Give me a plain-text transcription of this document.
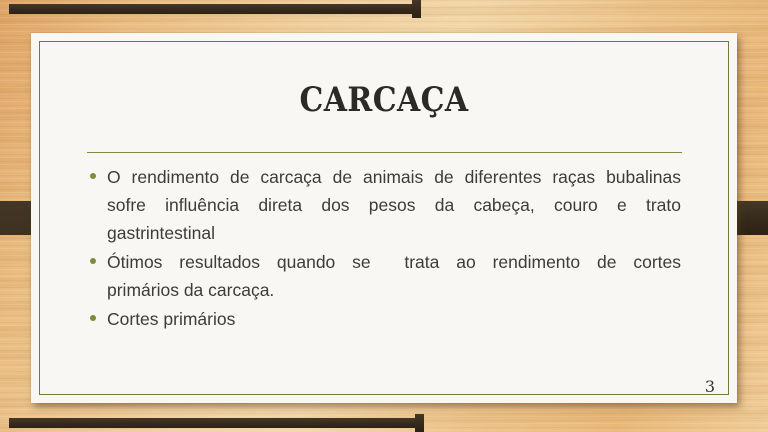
CARCAÇA
O rendimento de carcaça de animais de diferentes raças bubalinas
sofre influência direta dos pesos da cabeça, couro e trato
gastrintestinal
Ótimos resultados quando se  trata ao rendimento de cortes
primários da carcaça.
Cortes primários
3
